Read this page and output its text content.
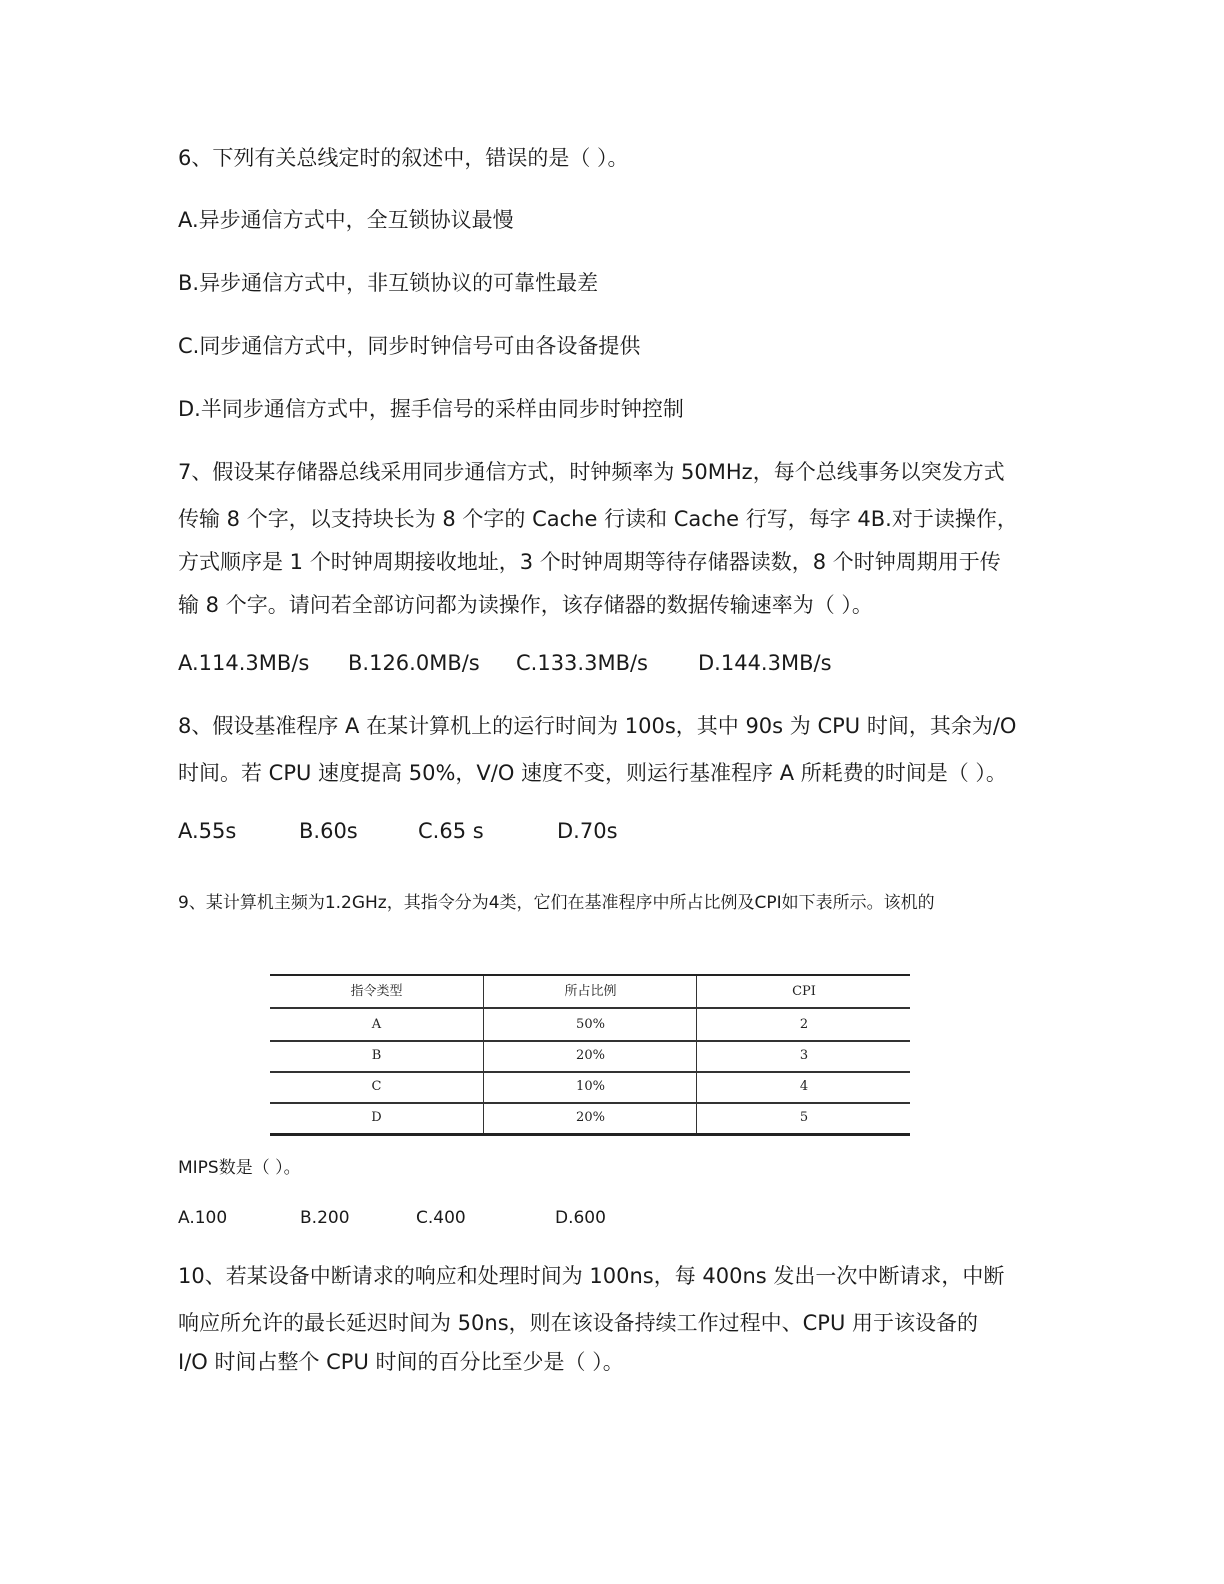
6、下列有关总线定时的叙述中，错误的是（ ）。
A.异步通信方式中，全互锁协议最慢
B.异步通信方式中，非互锁协议的可靠性最差
C.同步通信方式中，同步时钟信号可由各设备提供
D.半同步通信方式中，握手信号的采样由同步时钟控制
7、假设某存储器总线采用同步通信方式，时钟频率为 50MHz，每个总线事务以突发方式
传输 8 个字，以支持块长为 8 个字的 Cache 行读和 Cache 行写，每字 4B.对于读操作，
方式顺序是 1 个时钟周期接收地址，3 个时钟周期等待存储器读数，8 个时钟周期用于传
输 8 个字。请问若全部访问都为读操作，该存储器的数据传输速率为（ ）。
A.114.3MB/s B.126.0MB/s C.133.3MB/s D.144.3MB/s
8、假设基准程序 A 在某计算机上的运行时间为 100s，其中 90s 为 CPU 时间，其余为/O
时间。若 CPU 速度提高 50%，V/O 速度不变，则运行基准程序 A 所耗费的时间是（ ）。
A.55s	B.60s	C.65 s	D.70s
9、某计算机主频为1.2GHz，其指令分为4类，它们在基准程序中所占比例及CPI如下表所示。该机的
指令类型	所占比例	CPI
A	50%	2
B	20%	3
C	10%	4
D	20%	5
MIPS数是（ ）。
A.100	B.200	C.400	D.600
10、若某设备中断请求的响应和处理时间为 100ns，每 400ns 发出一次中断请求，中断
响应所允许的最长延迟时间为 50ns，则在该设备持续工作过程中、CPU 用于该设备的
I/O 时间占整个 CPU 时间的百分比至少是（ ）。
